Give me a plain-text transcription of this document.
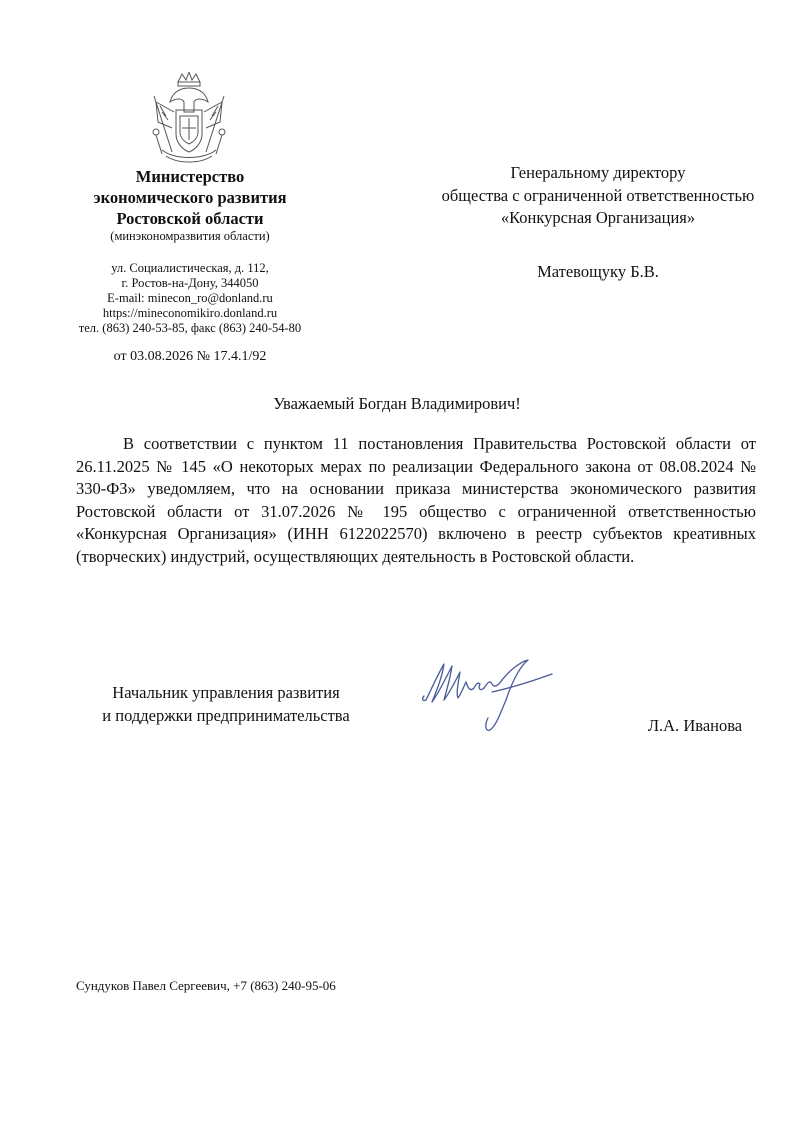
Министерство
экономического развития
Ростовской области
(минэкономразвития области)
ул. Социалистическая, д. 112,
г. Ростов-на-Дону, 344050
E-mail: minecon_ro@donland.ru
https://mineconomikiro.donland.ru
тел. (863) 240-53-85, факс (863) 240-54-80
от 03.08.2026 № 17.4.1/92
Генеральному директору
общества с ограниченной ответственностью
«Конкурсная Организация»
Матевощуку Б.В.
Уважаемый Богдан Владимирович!

В соответствии с пунктом 11 постановления Правительства Ростовской области от 26.11.2025 № 145 «О некоторых мерах по реализации Федерального закона от 08.08.2024 № 330-ФЗ» уведомляем, что на основании приказа министерства экономического развития Ростовской области от 31.07.2026 № 195 общество с ограниченной ответственностью «Конкурсная Организация» (ИНН 6122022570) включено в реестр субъектов креативных (творческих) индустрий, осуществляющих деятельность в Ростовской области.

Начальник управления развития
и поддержки предпринимательства
Л.А. Иванова
Сундуков Павел Сергеевич, +7 (863) 240-95-06
